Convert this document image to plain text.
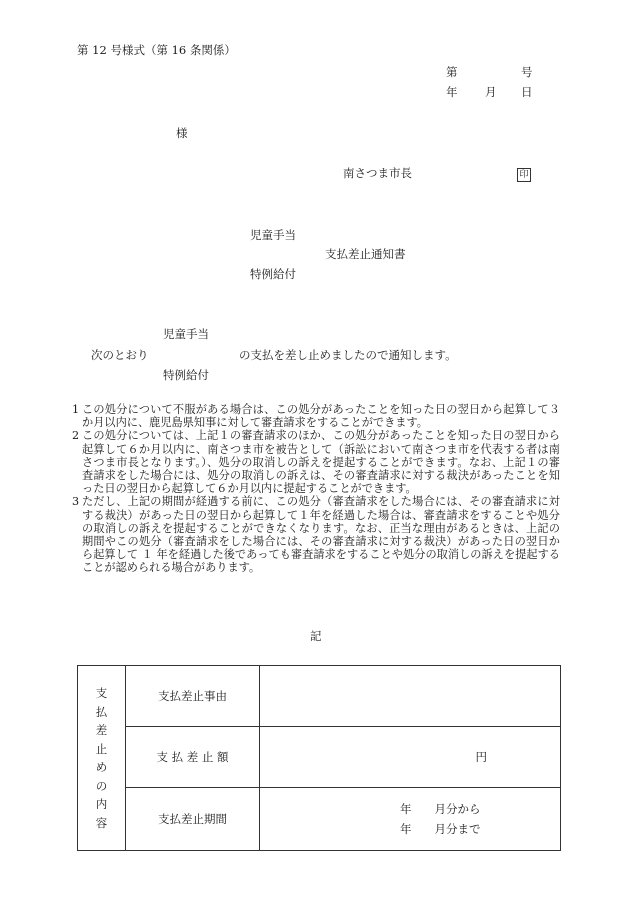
第 12 号様式（第 16 条関係）
第	号
年 月 日
様
南さつま市長	印
児童手当
支払差止通知書
特例給付
児童手当
次のとおり	の支払を差し止めましたので通知します。
特例給付

1 この処分について不服がある場合は、この処分があったことを知った日の翌日から起算して３か月以内に、鹿児島県知事に対して審査請求をすることができます。

2 この処分については、上記１の審査請求のほか、この処分があったことを知った日の翌日から起算して６か月以内に、南さつま市を被告として（訴訟において南さつま市を代表する者は南さつま市長となります。）、処分の取消しの訴えを提起することができます。なお、上記１の審査請求をした場合には、処分の取消しの訴えは、その審査請求に対する裁決があったことを知った日の翌日から起算して６か月以内に提起することができます。

3 ただし、上記の期間が経過する前に、この処分（審査請求をした場合には、その審査請求に対する裁決）があった日の翌日から起算して１年を経過した場合は、審査請求をすることや処分の取消しの訴えを提起することができなくなります。なお、正当な理由があるときは、上記の期間やこの処分（審査請求をした場合には、その審査請求に対する裁決）があった日の翌日から起算して １ 年を経過した後であっても審査請求をすることや処分の取消しの訴えを提起することが認められる場合があります。

記
支払差止めの内容	支払差止事由	
	支 払 差 止 額	円

	支払差止期間	年　　月分から
年　　月分まで
